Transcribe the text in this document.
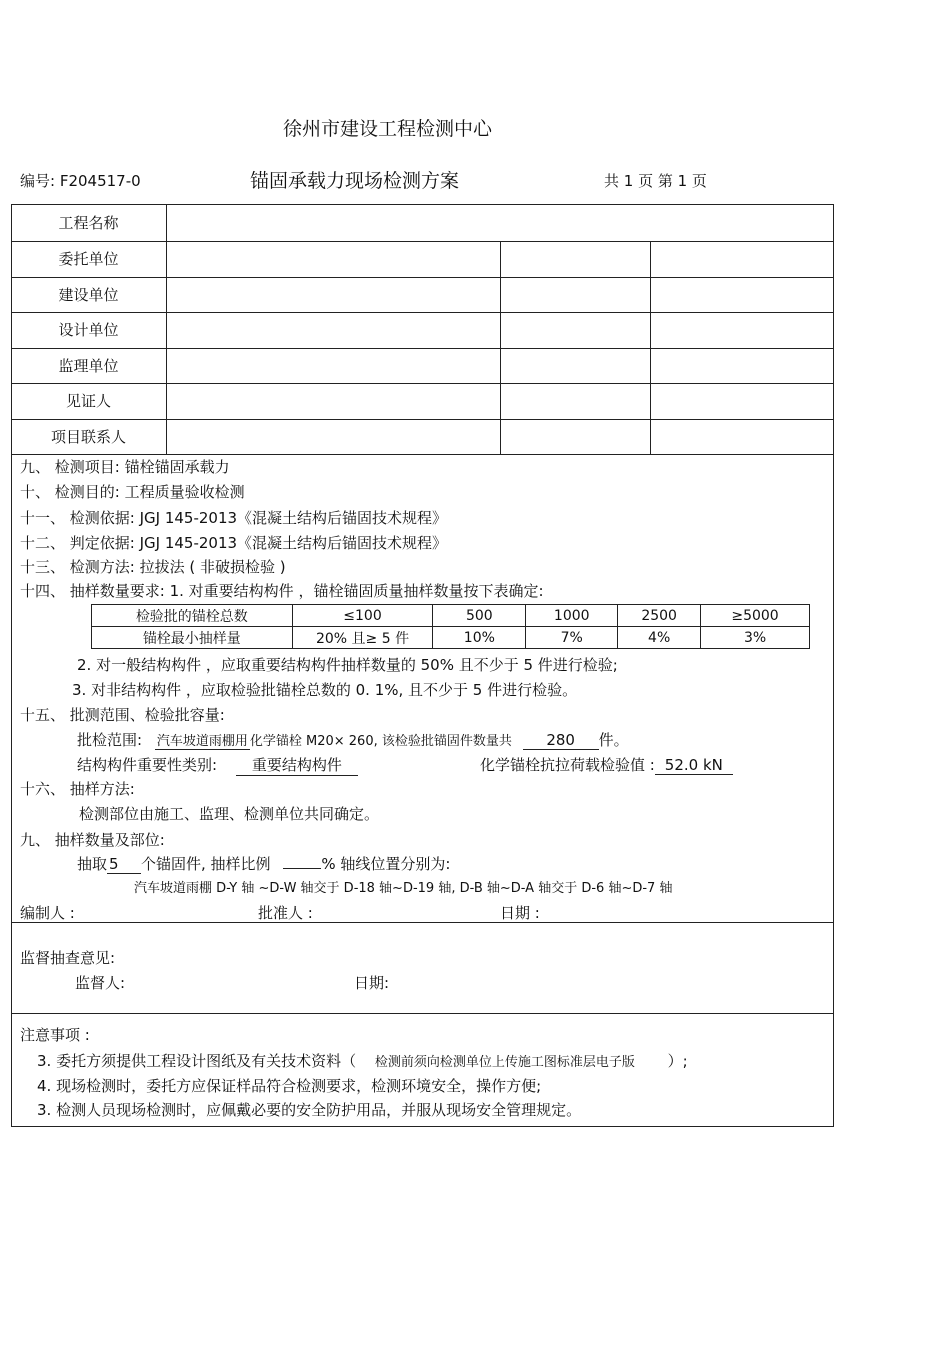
徐州市建设工程检测中心
编号: F204517-0	锚固承载力现场检测方案	共 1 页 第 1 页
工程名称
委托单位
建设单位
设计单位
监理单位
见证人
项目联系人
九、 检测项目: 锚栓锚固承载力
十、 检测目的: 工程质量验收检测
十一、 检测依据: JGJ 145-2013《混凝土结构后锚固技术规程》
十二、 判定依据: JGJ 145-2013《混凝土结构后锚固技术规程》
十三、 检测方法: 拉拔法 ( 非破损检验 )
十四、 抽样数量要求: 1. 对重要结构构件 ，锚栓锚固质量抽样数量按下表确定:
检验批的锚栓总数	≤100	500	1000	2500	≥5000
锚栓最小抽样量	20% 且≥ 5 件	10%	7%	4%	3%
2. 对一般结构构件 ，应取重要结构构件抽样数量的 50% 且不少于 5 件进行检验;
3. 对非结构构件 ，应取检验批锚栓总数的 0. 1%, 且不少于 5 件进行检验。
十五、 批测范围、检验批容量:
批检范围: 汽车坡道雨棚用 化学锚栓 M20× 260, 该检验批锚固件数量共 280 件。
结构构件重要性类别: 重要结构构件	化学锚栓抗拉荷载检验值 : 52.0 kN
十六、 抽样方法:
检测部位由施工、监理、检测单位共同确定。
九、 抽样数量及部位:
抽取 5 个锚固件, 抽样比例	% 轴线位置分别为:
汽车坡道雨棚 D-Y 轴 ~D-W 轴交于 D-18 轴~D-19 轴, D-B 轴~D-A 轴交于 D-6 轴~D-7 轴
编制人 :	批准人 :	日期 :
监督抽查意见:
监督人:	日期:
注意事项 :
3. 委托方须提供工程设计图纸及有关技术资料（ 检测前须向检测单位上传施工图标准层电子版 ）;
4. 现场检测时，委托方应保证样品符合检测要求，检测环境安全，操作方便;
3. 检测人员现场检测时，应佩戴必要的安全防护用品，并服从现场安全管理规定。
